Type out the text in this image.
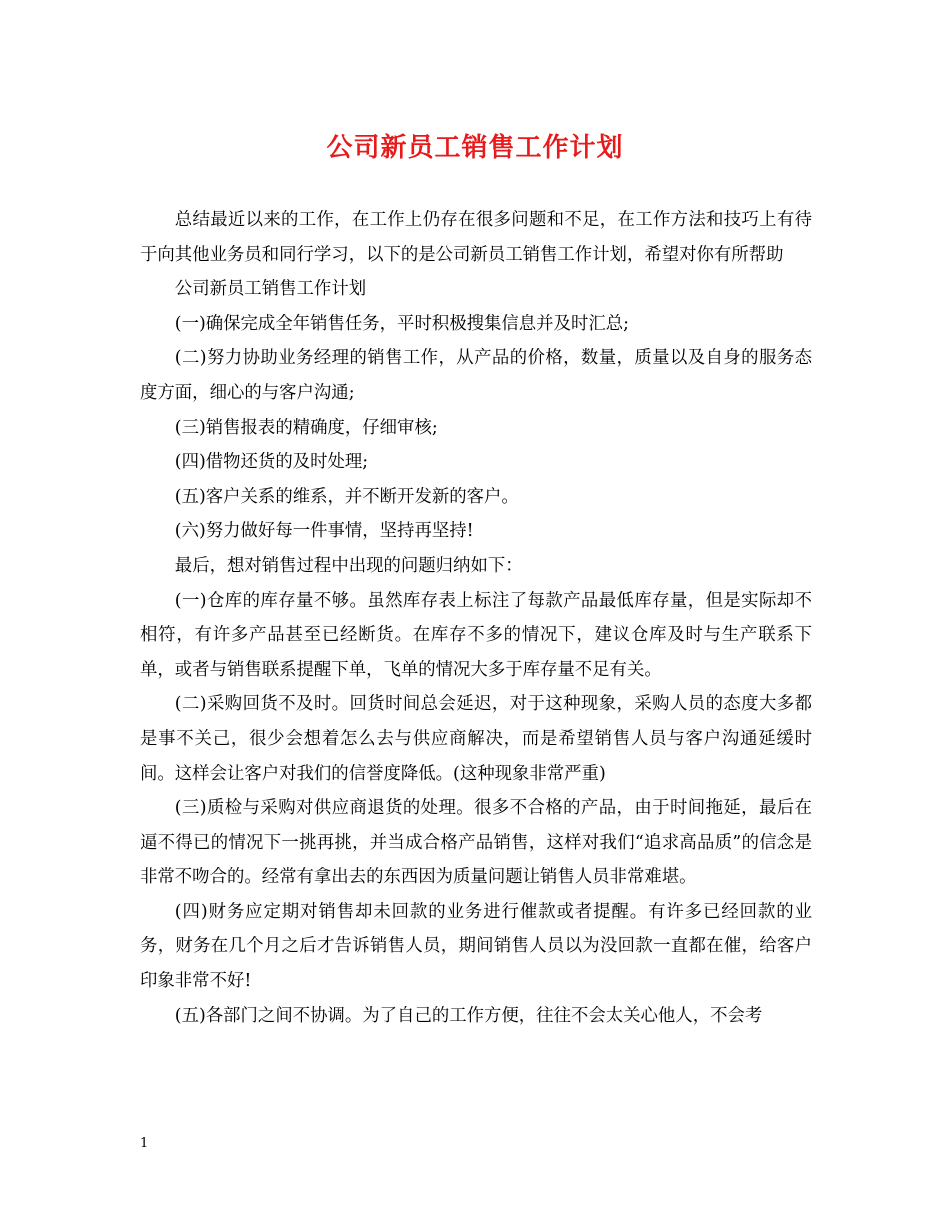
公司新员工销售工作计划

总结最近以来的工作，在工作上仍存在很多问题和不足，在工作方法和技巧上有待于向其他业务员和同行学习，以下的是公司新员工销售工作计划，希望对你有所帮助

公司新员工销售工作计划

(一)确保完成全年销售任务，平时积极搜集信息并及时汇总;

(二)努力协助业务经理的销售工作，从产品的价格，数量，质量以及自身的服务态度方面，细心的与客户沟通;

(三)销售报表的精确度，仔细审核;

(四)借物还货的及时处理;

(五)客户关系的维系，并不断开发新的客户。

(六)努力做好每一件事情，坚持再坚持!

最后，想对销售过程中出现的问题归纳如下：

(一)仓库的库存量不够。虽然库存表上标注了每款产品最低库存量，但是实际却不相符，有许多产品甚至已经断货。在库存不多的情况下，建议仓库及时与生产联系下单，或者与销售联系提醒下单，飞单的情况大多于库存量不足有关。

(二)采购回货不及时。回货时间总会延迟，对于这种现象，采购人员的态度大多都是事不关己，很少会想着怎么去与供应商解决，而是希望销售人员与客户沟通延缓时间。这样会让客户对我们的信誉度降低。(这种现象非常严重)

(三)质检与采购对供应商退货的处理。很多不合格的产品，由于时间拖延，最后在逼不得已的情况下一挑再挑，并当成合格产品销售，这样对我们“追求高品质”的信念是非常不吻合的。经常有拿出去的东西因为质量问题让销售人员非常难堪。

(四)财务应定期对销售却未回款的业务进行催款或者提醒。有许多已经回款的业务，财务在几个月之后才告诉销售人员，期间销售人员以为没回款一直都在催，给客户印象非常不好!

(五)各部门之间不协调。为了自己的工作方便，往往不会太关心他人，不会考

1
